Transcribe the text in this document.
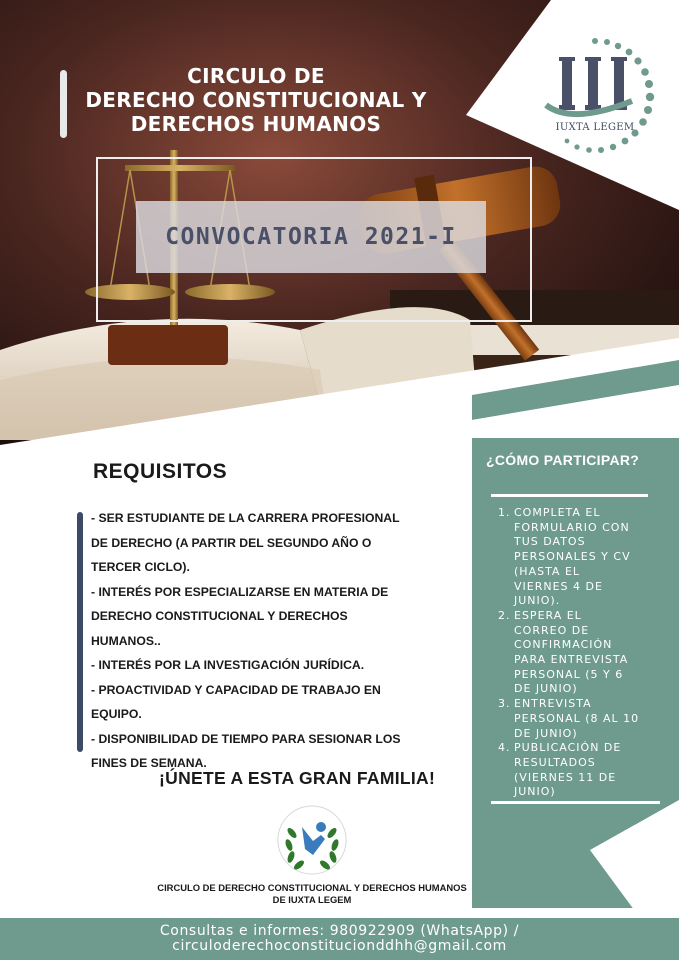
CIRCULO DE
DERECHO CONSTITUCIONAL Y
DERECHOS HUMANOS
CONVOCATORIA 2021-I
IUXTA LEGEM
REQUISITOS
- SER ESTUDIANTE DE LA CARRERA PROFESIONAL
DE DERECHO (A PARTIR DEL SEGUNDO AÑO O
TERCER CICLO).
- INTERÉS POR ESPECIALIZARSE EN MATERIA DE
DERECHO CONSTITUCIONAL Y DERECHOS
HUMANOS..
- INTERÉS POR LA INVESTIGACIÓN JURÍDICA.
- PROACTIVIDAD Y CAPACIDAD DE TRABAJO EN
EQUIPO.
- DISPONIBILIDAD DE TIEMPO PARA SESIONAR LOS
FINES DE SEMANA.
¡ÚNETE A ESTA GRAN FAMILIA!
¿CÓMO PARTICIPAR?
1. COMPLETA EL
FORMULARIO CON
TUS DATOS
PERSONALES Y CV
(HASTA EL
VIERNES 4 DE
JUNIO).
2. ESPERA EL
CORREO DE
CONFIRMACIÓN
PARA ENTREVISTA
PERSONAL (5 Y 6
DE JUNIO)
3. ENTREVISTA
PERSONAL (8 AL 10
DE JUNIO)
4. PUBLICACIÓN DE
RESULTADOS
(VIERNES 11 DE
JUNIO)
CIRCULO DE DERECHO CONSTITUCIONAL Y DERECHOS HUMANOS
DE IUXTA LEGEM
Consultas e informes: 980922909 (WhatsApp) /
circuloderechoconstitucionddhh@gmail.com
